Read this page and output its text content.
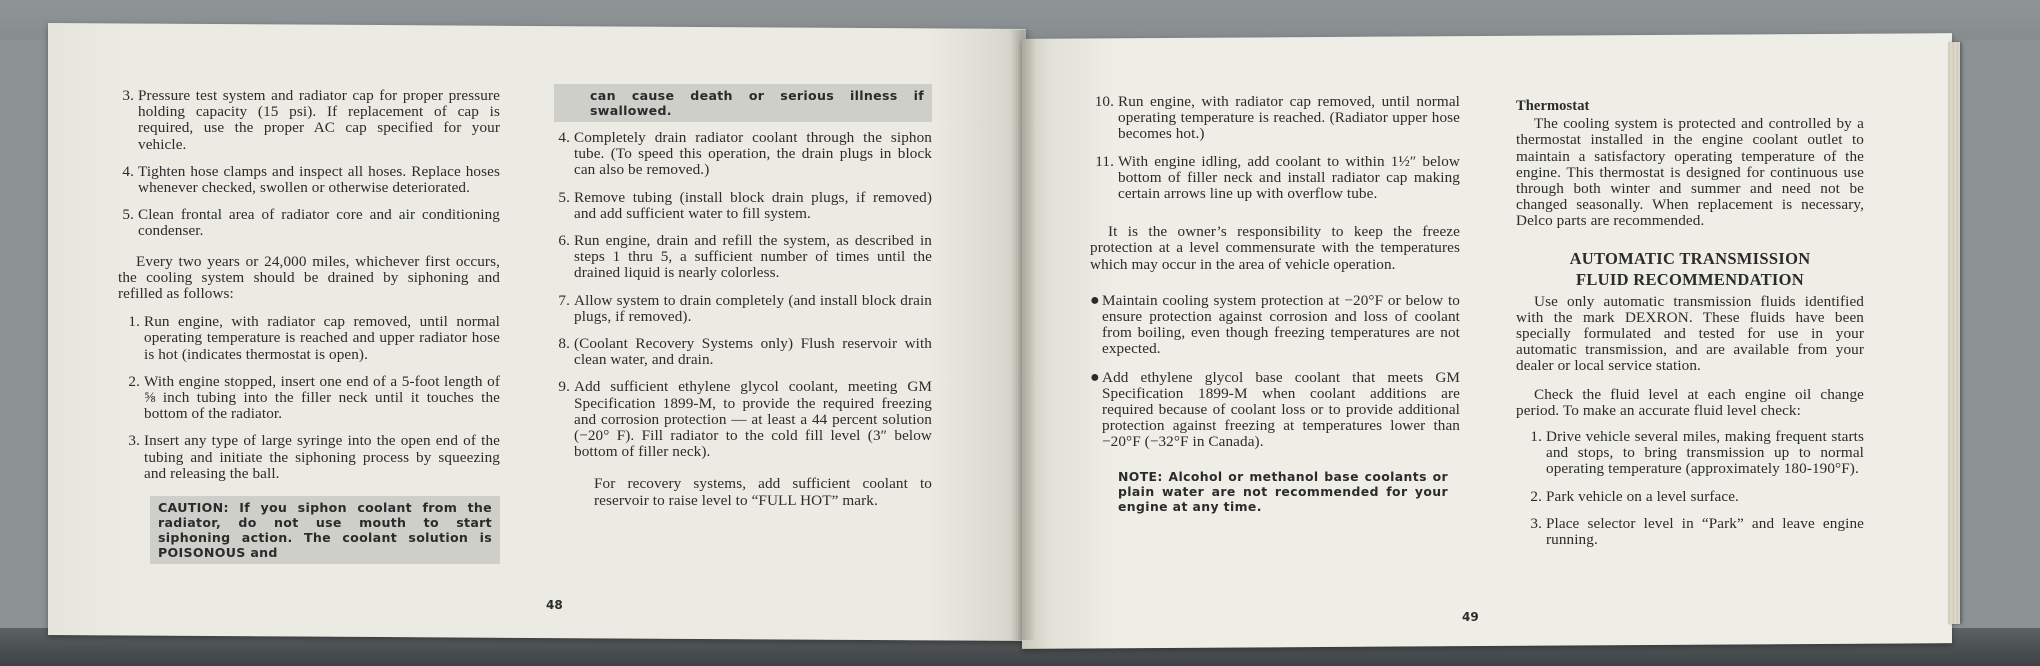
3. Pressure test system and radiator cap for proper pressure holding capacity (15 psi). If replacement of cap is required, use the proper AC cap specified for your vehicle.
4. Tighten hose clamps and inspect all hoses. Replace hoses whenever checked, swollen or otherwise deteriorated.
5. Clean frontal area of radiator core and air conditioning condenser.

Every two years or 24,000 miles, whichever first occurs, the cooling system should be drained by siphoning and refilled as follows:

1. Run engine, with radiator cap removed, until normal operating temperature is reached and upper radiator hose is hot (indicates thermostat is open).
2. With engine stopped, insert one end of a 5-foot length of ⅝ inch tubing into the filler neck until it touches the bottom of the radiator.
3. Insert any type of large syringe into the open end of the tubing and initiate the siphoning process by squeezing and releasing the ball.
CAUTION: If you siphon coolant from the radiator, do not use mouth to start siphoning action. The coolant solution is POISONOUS and
can cause death or serious illness if swallowed.
4. Completely drain radiator coolant through the siphon tube. (To speed this operation, the drain plugs in block can also be removed.)
5. Remove tubing (install block drain plugs, if removed) and add sufficient water to fill system.
6. Run engine, drain and refill the system, as described in steps 1 thru 5, a sufficient number of times until the drained liquid is nearly colorless.
7. Allow system to drain completely (and install block drain plugs, if removed).
8. (Coolant Recovery Systems only) Flush reservoir with clean water, and drain.
9. Add sufficient ethylene glycol coolant, meeting GM Specification 1899-M, to provide the required freezing and corrosion protection — at least a 44 percent solution (−20° F). Fill radiator to the cold fill level (3″ below bottom of filler neck).

For recovery systems, add sufficient coolant to reservoir to raise level to “FULL HOT” mark.

48
10. Run engine, with radiator cap removed, until normal operating temperature is reached. (Radiator upper hose becomes hot.)
11. With engine idling, add coolant to within 1½″ below bottom of filler neck and install radiator cap making certain arrows line up with overflow tube.

It is the owner’s responsibility to keep the freeze protection at a level commensurate with the temperatures which may occur in the area of vehicle operation.

● Maintain cooling system protection at −20°F or below to ensure protection against corrosion and loss of coolant from boiling, even though freezing temperatures are not expected.
● Add ethylene glycol base coolant that meets GM Specification 1899-M when coolant additions are required because of coolant loss or to provide additional protection against freezing at temperatures lower than −20°F (−32°F in Canada).
NOTE: Alcohol or methanol base coolants or plain water are not recommended for your engine at any time.
Thermostat

The cooling system is protected and controlled by a thermostat installed in the engine coolant outlet to maintain a satisfactory operating temperature of the engine. This thermostat is designed for continuous use through both winter and summer and need not be changed seasonally. When replacement is necessary, Delco parts are recommended.

AUTOMATIC TRANSMISSION
FLUID RECOMMENDATION

Use only automatic transmission fluids identified with the mark DEXRON. These fluids have been specially formulated and tested for use in your automatic transmission, and are available from your dealer or local service station.

Check the fluid level at each engine oil change period. To make an accurate fluid level check:

1. Drive vehicle several miles, making frequent starts and stops, to bring transmission up to normal operating temperature (approximately 180-190°F).
2. Park vehicle on a level surface.
3. Place selector level in “Park” and leave engine running.
49
